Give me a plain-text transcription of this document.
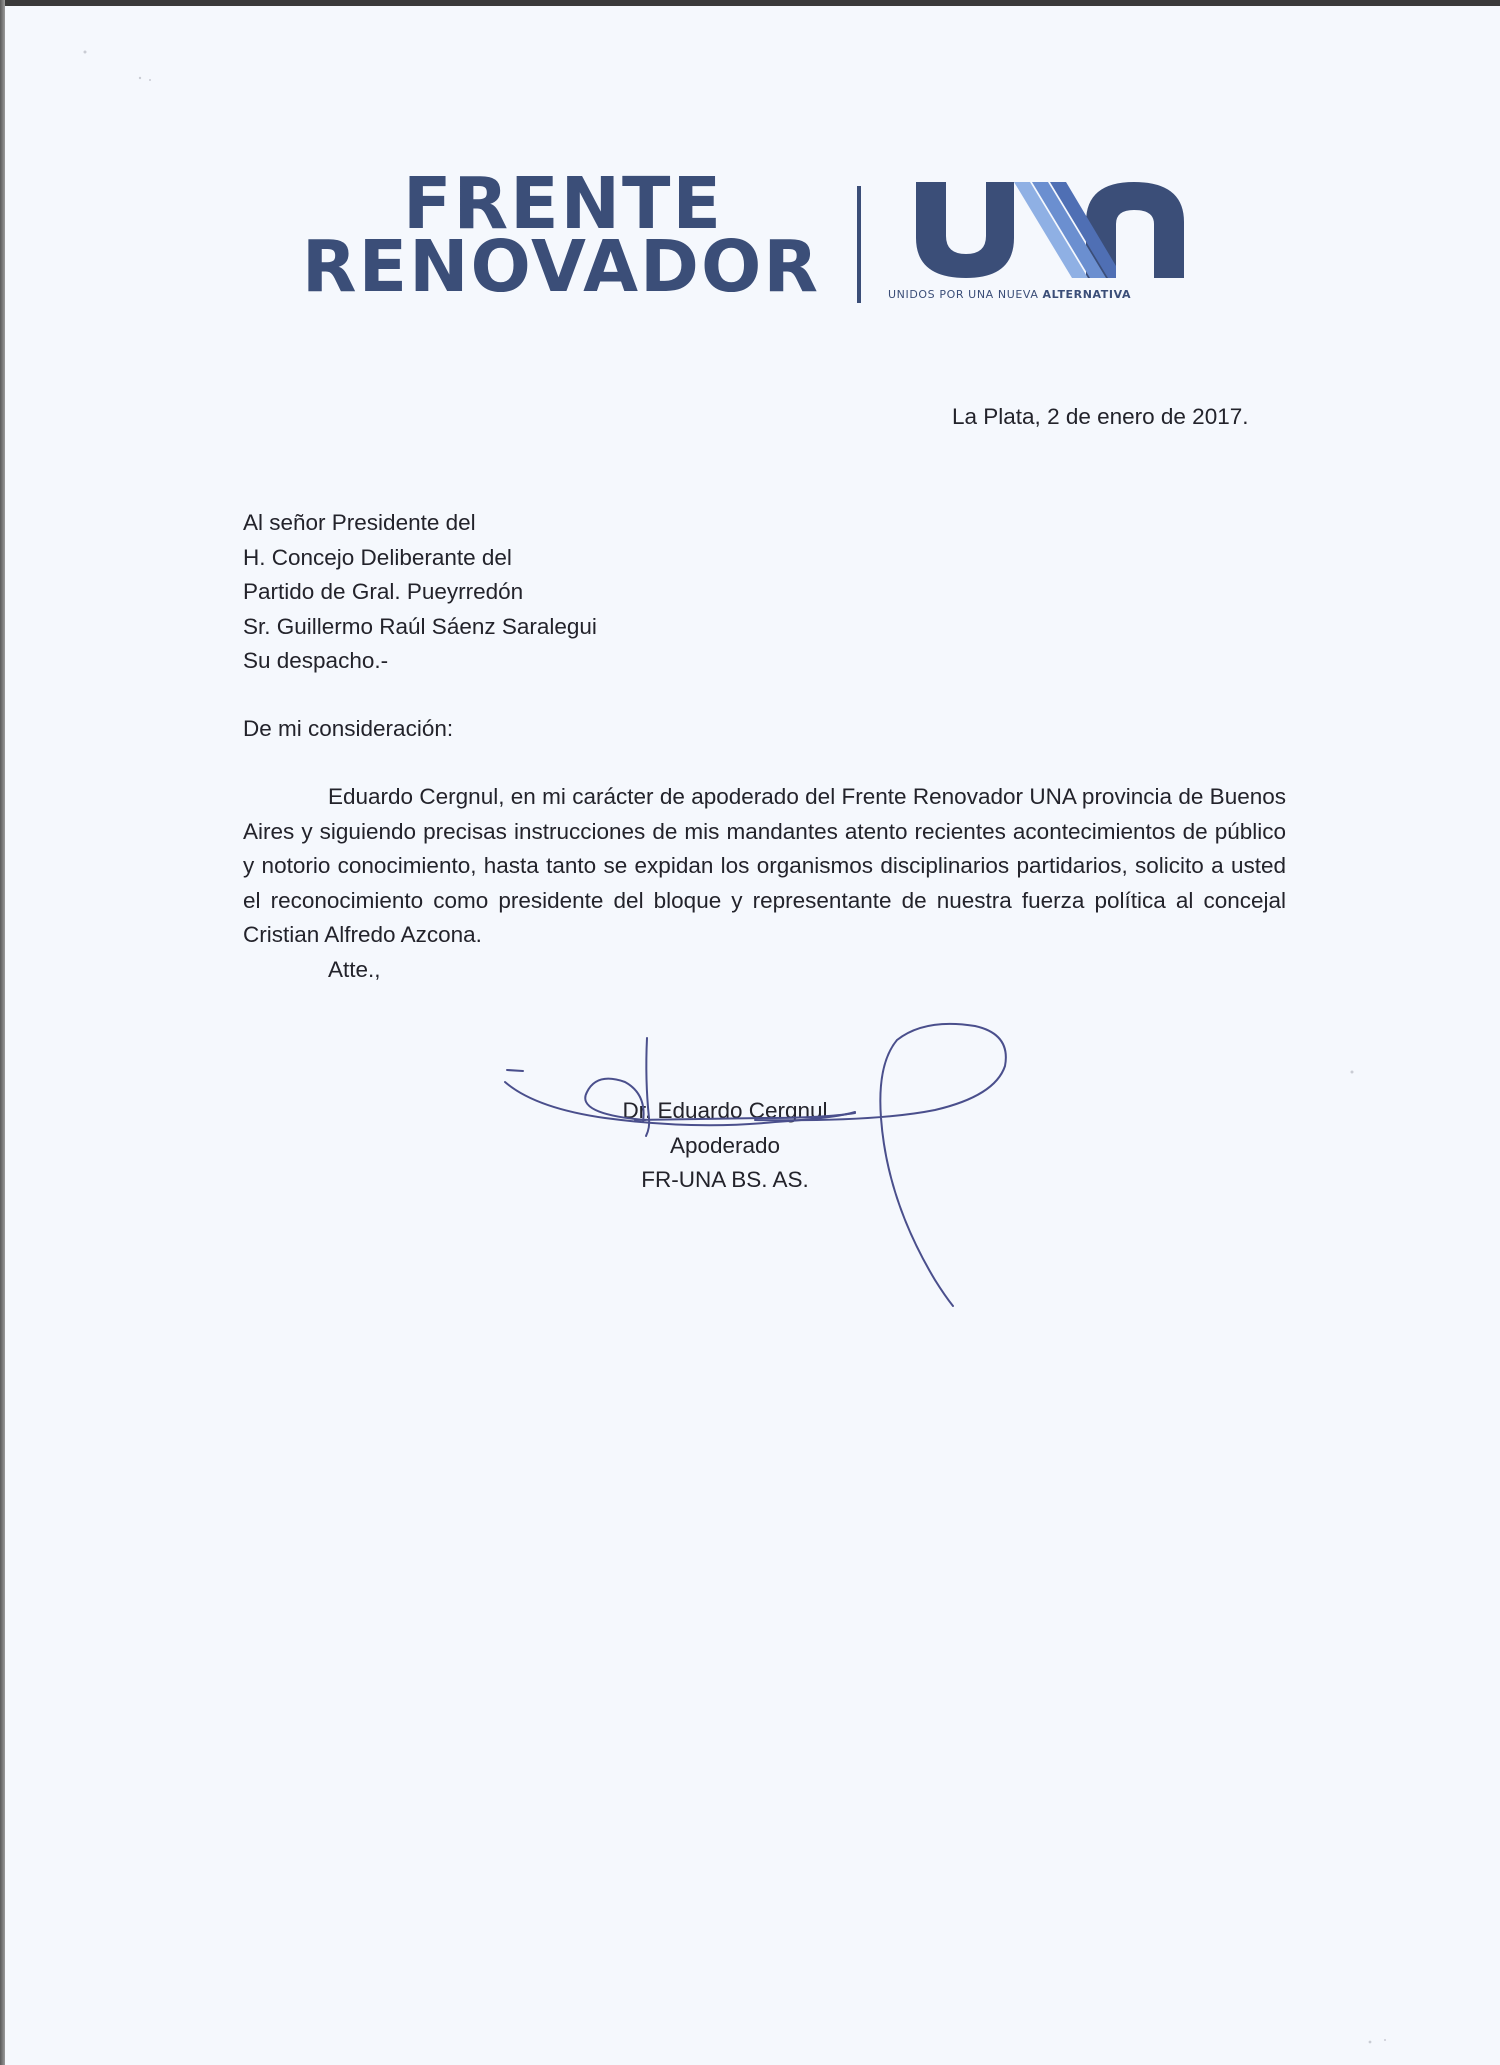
FRENTE
RENOVADOR	UNIDOS POR UNA NUEVA ALTERNATIVA
La Plata, 2 de enero de 2017.
Al señor Presidente del
H. Concejo Deliberante del
Partido de Gral. Pueyrredón
Sr. Guillermo Raúl Sáenz Saralegui
Su despacho.-
De mi consideración:
Eduardo Cergnul, en mi carácter de apoderado del Frente Renovador UNA provincia de Buenos Aires y siguiendo precisas instrucciones de mis mandantes atento recientes acontecimientos de público y notorio conocimiento, hasta tanto se expidan los organismos disciplinarios partidarios, solicito a usted el reconocimiento como presidente del bloque y representante de nuestra fuerza política al concejal Cristian Alfredo Azcona.
Atte.,
Dr. Eduardo Cergnul
Apoderado
FR-UNA BS. AS.
